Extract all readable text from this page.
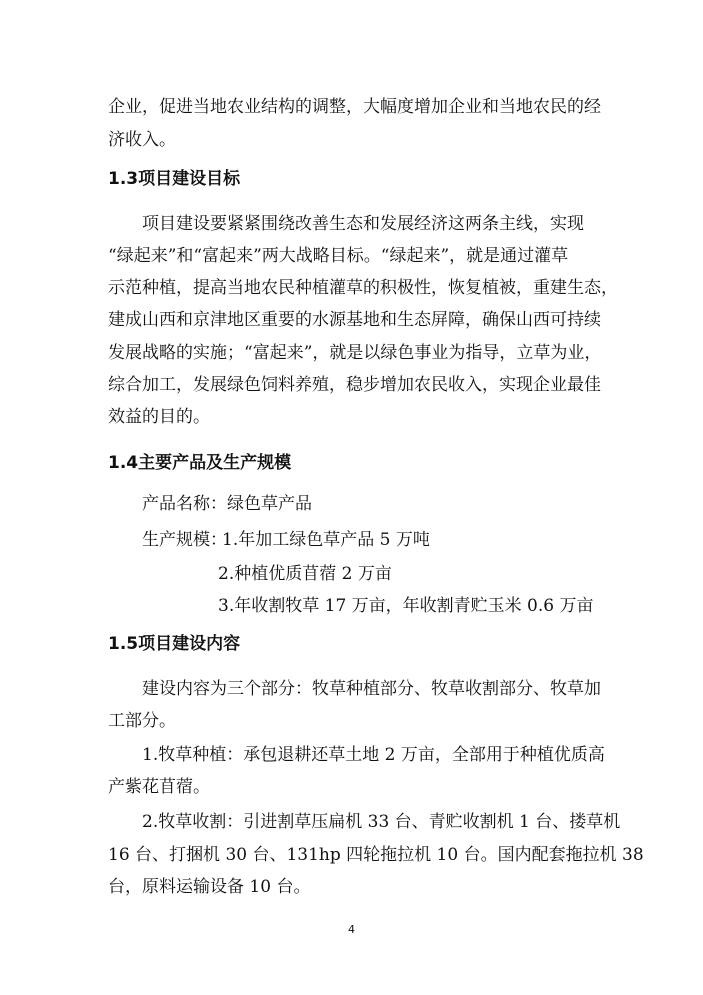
企业，促进当地农业结构的调整，大幅度增加企业和当地农民的经
济收入。
1.3项目建设目标
项目建设要紧紧围绕改善生态和发展经济这两条主线，实现
“绿起来”和“富起来”两大战略目标。“绿起来”，就是通过灌草
示范种植，提高当地农民种植灌草的积极性，恢复植被，重建生态，
建成山西和京津地区重要的水源基地和生态屏障，确保山西可持续
发展战略的实施；“富起来”，就是以绿色事业为指导，立草为业，
综合加工，发展绿色饲料养殖，稳步增加农民收入，实现企业最佳
效益的目的。
1.4主要产品及生产规模
产品名称：绿色草产品
生产规模：
1.年加工绿色草产品 5 万吨
2.种植优质苜蓿 2 万亩
3.年收割牧草 17 万亩，年收割青贮玉米 0.6 万亩
1.5项目建设内容
建设内容为三个部分：牧草种植部分、牧草收割部分、牧草加
工部分。
1.牧草种植：承包退耕还草土地 2 万亩，全部用于种植优质高
产紫花苜蓿。
2.牧草收割：引进割草压扁机 33 台、青贮收割机 1 台、搂草机
16 台、打捆机 30 台、131hp 四轮拖拉机 10 台。国内配套拖拉机 38
台，原料运输设备 10 台。
4
